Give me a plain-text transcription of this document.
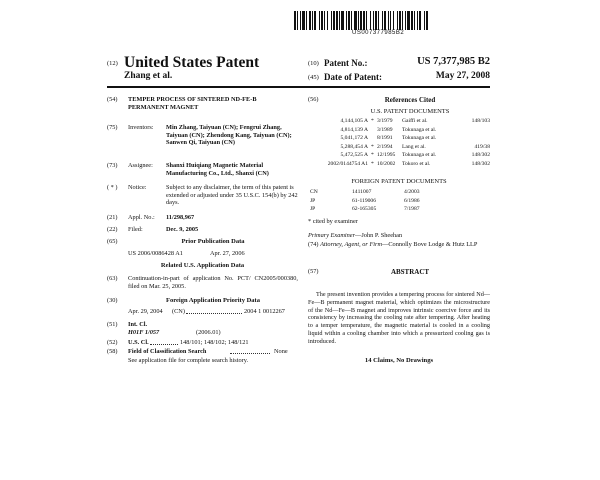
US007377985B2
(12) United States Patent
Zhang et al.
(10) Patent No.:	US 7,377,985 B2
(45) Date of Patent:	May 27, 2008
(54) TEMPER PROCESS OF SINTERED ND-FE-B PERMANENT MAGNET
(75) Inventors: Min Zhang, Taiyuan (CN); Fengrui Zhang, Taiyuan (CN); Zhendong Kang, Taiyuan (CN); Sanwen Qi, Taiyuan (CN)
(73) Assignee: Shanxi Huiqiang Magnetic Material Manufacturing Co., Ltd., Shanxi (CN)
( * ) Notice:	Subject to any disclaimer, the term of this patent is extended or adjusted under 35 U.S.C. 154(b) by 242 days.
(21) Appl. No.: 11/298,967
(22) Filed:	Dec. 9, 2005
(65)	Prior Publication Data
US 2006/0086428 A1	Apr. 27, 2006
Related U.S. Application Data
(63) Continuation-in-part of application No. PCT/ CN2005/000380, filed on Mar. 25, 2005.
(30)	Foreign Application Priority Data
Apr. 29, 2004 (CN)	2004 1 0012267
(51) Int. Cl.
H01F 1/057	(2006.01)
(52) U.S. Cl.	148/101; 148/102; 148/121
(58) Field of Classification Search	None
See application file for complete search history.
(56)	References Cited
U.S. PATENT DOCUMENTS
4,144,105 A * 3/1979 Gaiffi et al.	148/103
4,814,139 A 3/1989 Tokunaga et al.
5,041,172 A 8/1991 Tokunaga et al.
5,288,454 A * 2/1994 Lang et al.	419/38
5,472,525 A * 12/1995 Tokunaga et al.	148/302
2002/0144754 A1 * 10/2002 Tokoro et al.	148/302
FOREIGN PATENT DOCUMENTS
CN	1411007	4/2003
JP	61-119006	6/1986
JP	62-165305	7/1987
* cited by examiner
Primary Examiner—John P. Sheehan
(74) Attorney, Agent, or Firm—Connolly Bove Lodge & Hutz LLP
(57)	ABSTRACT
The present invention provides a tempering process for sintered Nd—Fe—B permanent magnet material, which optimizes the microstructure of the Nd—Fe—B magnet and improves intrinsic coercive force and its consistency by increasing the cooling rate after tempering. After heating to a temper temperature, the magnetic material is cooled in a cooling liquid within a cooling chamber into which a pressurized cooling gas is introduced.
14 Claims, No Drawings
